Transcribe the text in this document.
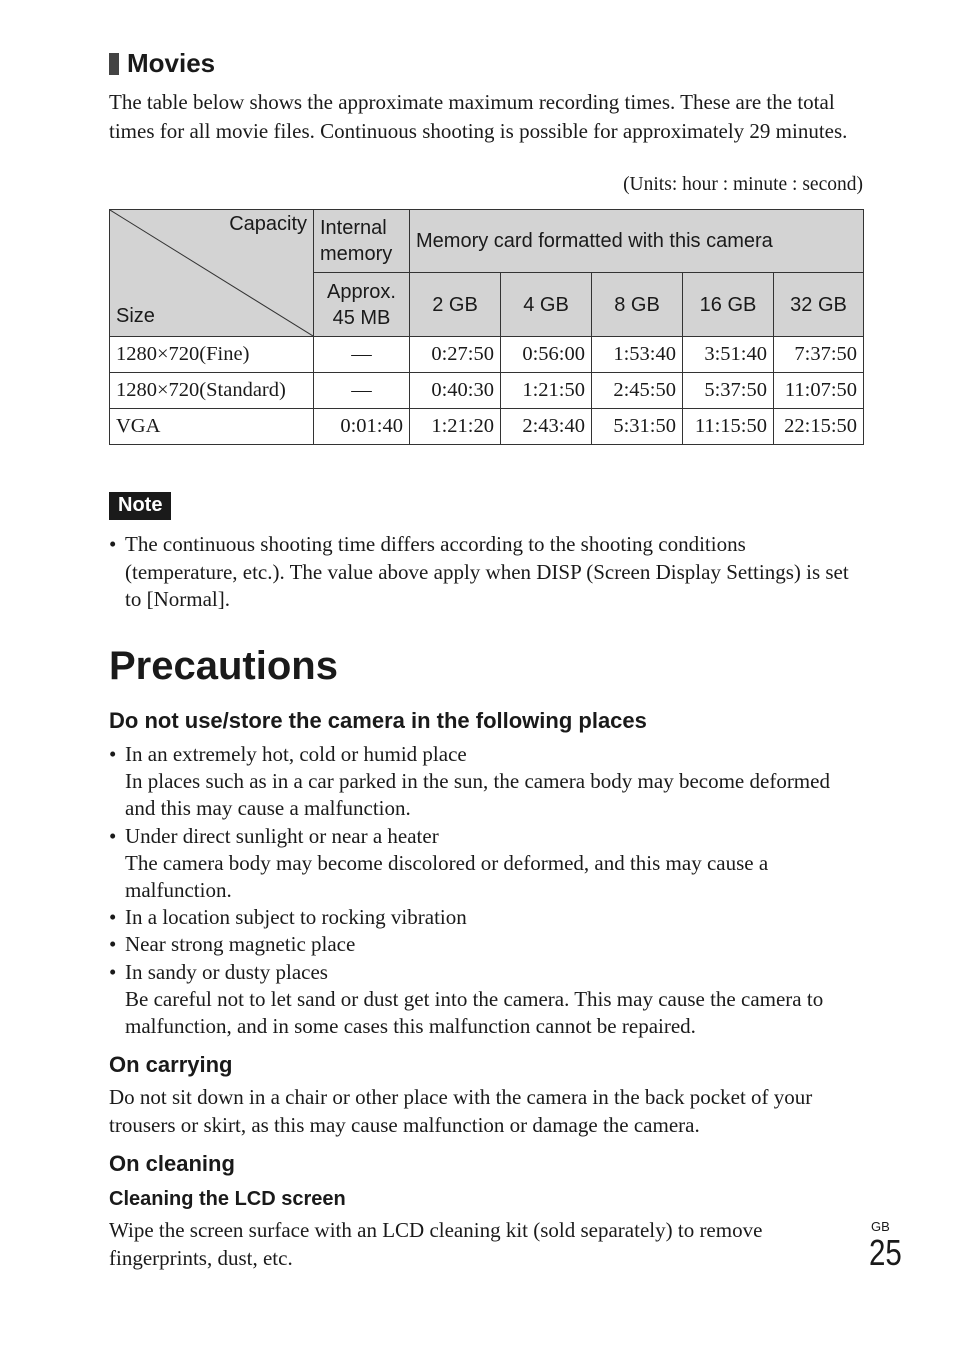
Movies
The table below shows the approximate maximum recording times. These are the total times for all movie files. Continuous shooting is possible for approximately 29 minutes.
(Units: hour : minute : second)
Capacity
Size	Internal memory	Memory card formatted with this camera				
	Approx. 45 MB	2 GB	4 GB	8 GB	16 GB	32 GB
1280×720(Fine)	—	0:27:50	0:56:00	1:53:40	3:51:40	7:37:50
1280×720(Standard)	—	0:40:30	1:21:50	2:45:50	5:37:50	11:07:50
VGA	0:01:40	1:21:20	2:43:40	5:31:50	11:15:50	22:15:50
Note
• The continuous shooting time differs according to the shooting conditions (temperature, etc.). The value above apply when DISP (Screen Display Settings) is set to [Normal].
Precautions
Do not use/store the camera in the following places
• In an extremely hot, cold or humid place
In places such as in a car parked in the sun, the camera body may become deformed and this may cause a malfunction.
• Under direct sunlight or near a heater
The camera body may become discolored or deformed, and this may cause a malfunction.
• In a location subject to rocking vibration
• Near strong magnetic place
• In sandy or dusty places
Be careful not to let sand or dust get into the camera. This may cause the camera to malfunction, and in some cases this malfunction cannot be repaired.
On carrying
Do not sit down in a chair or other place with the camera in the back pocket of your trousers or skirt, as this may cause malfunction or damage the camera.
On cleaning
Cleaning the LCD screen
Wipe the screen surface with an LCD cleaning kit (sold separately) to remove fingerprints, dust, etc.
GB
25
